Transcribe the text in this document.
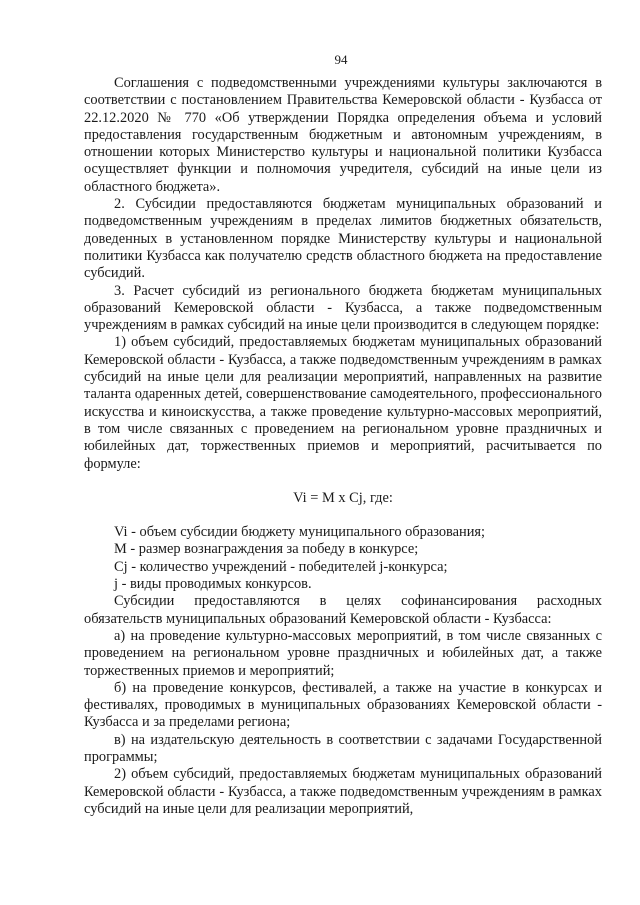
94

Соглашения с подведомственными учреждениями культуры заключаются в соответствии с постановлением Правительства Кемеровской области - Кузбасса от 22.12.2020 № 770 «Об утверждении Порядка определения объема и условий предоставления государственным бюджетным и автономным учреждениям, в отношении которых Министерство культуры и национальной политики Кузбасса осуществляет функции и полномочия учредителя, субсидий на иные цели из областного бюджета».

2. Субсидии предоставляются бюджетам муниципальных образований и подведомственным учреждениям в пределах лимитов бюджетных обязательств, доведенных в установленном порядке Министерству культуры и национальной политики Кузбасса как получателю средств областного бюджета на предоставление субсидий.

3. Расчет субсидий из регионального бюджета бюджетам муниципальных образований Кемеровской области - Кузбасса, а также подведомственным учреждениям в рамках субсидий на иные цели производится в следующем порядке:

1) объем субсидий, предоставляемых бюджетам муниципальных образований Кемеровской области - Кузбасса, а также подведомственным учреждениям в рамках субсидий на иные цели для реализации мероприятий, направленных на развитие таланта одаренных детей, совершенствование самодеятельного, профессионального искусства и киноискусства, а также проведение культурно-массовых мероприятий, в том числе связанных с проведением на региональном уровне праздничных и юбилейных дат, торжественных приемов и мероприятий, расчитывается по формуле:

Vi = M x Cj, где:

Vi - объем субсидии бюджету муниципального образования;

M - размер вознаграждения за победу в конкурсе;

Cj - количество учреждений - победителей j-конкурса;

j - виды проводимых конкурсов.

Субсидии предоставляются в целях софинансирования расходных обязательств муниципальных образований Кемеровской области - Кузбасса:

а) на проведение культурно-массовых мероприятий, в том числе связанных с проведением на региональном уровне праздничных и юбилейных дат, а также торжественных приемов и мероприятий;

б) на проведение конкурсов, фестивалей, а также на участие в конкурсах и фестивалях, проводимых в муниципальных образованиях Кемеровской области - Кузбасса и за пределами региона;

в) на издательскую деятельность в соответствии с задачами Государственной программы;

2) объем субсидий, предоставляемых бюджетам муниципальных образований Кемеровской области - Кузбасса, а также подведомственным учреждениям в рамках субсидий на иные цели для реализации мероприятий,
